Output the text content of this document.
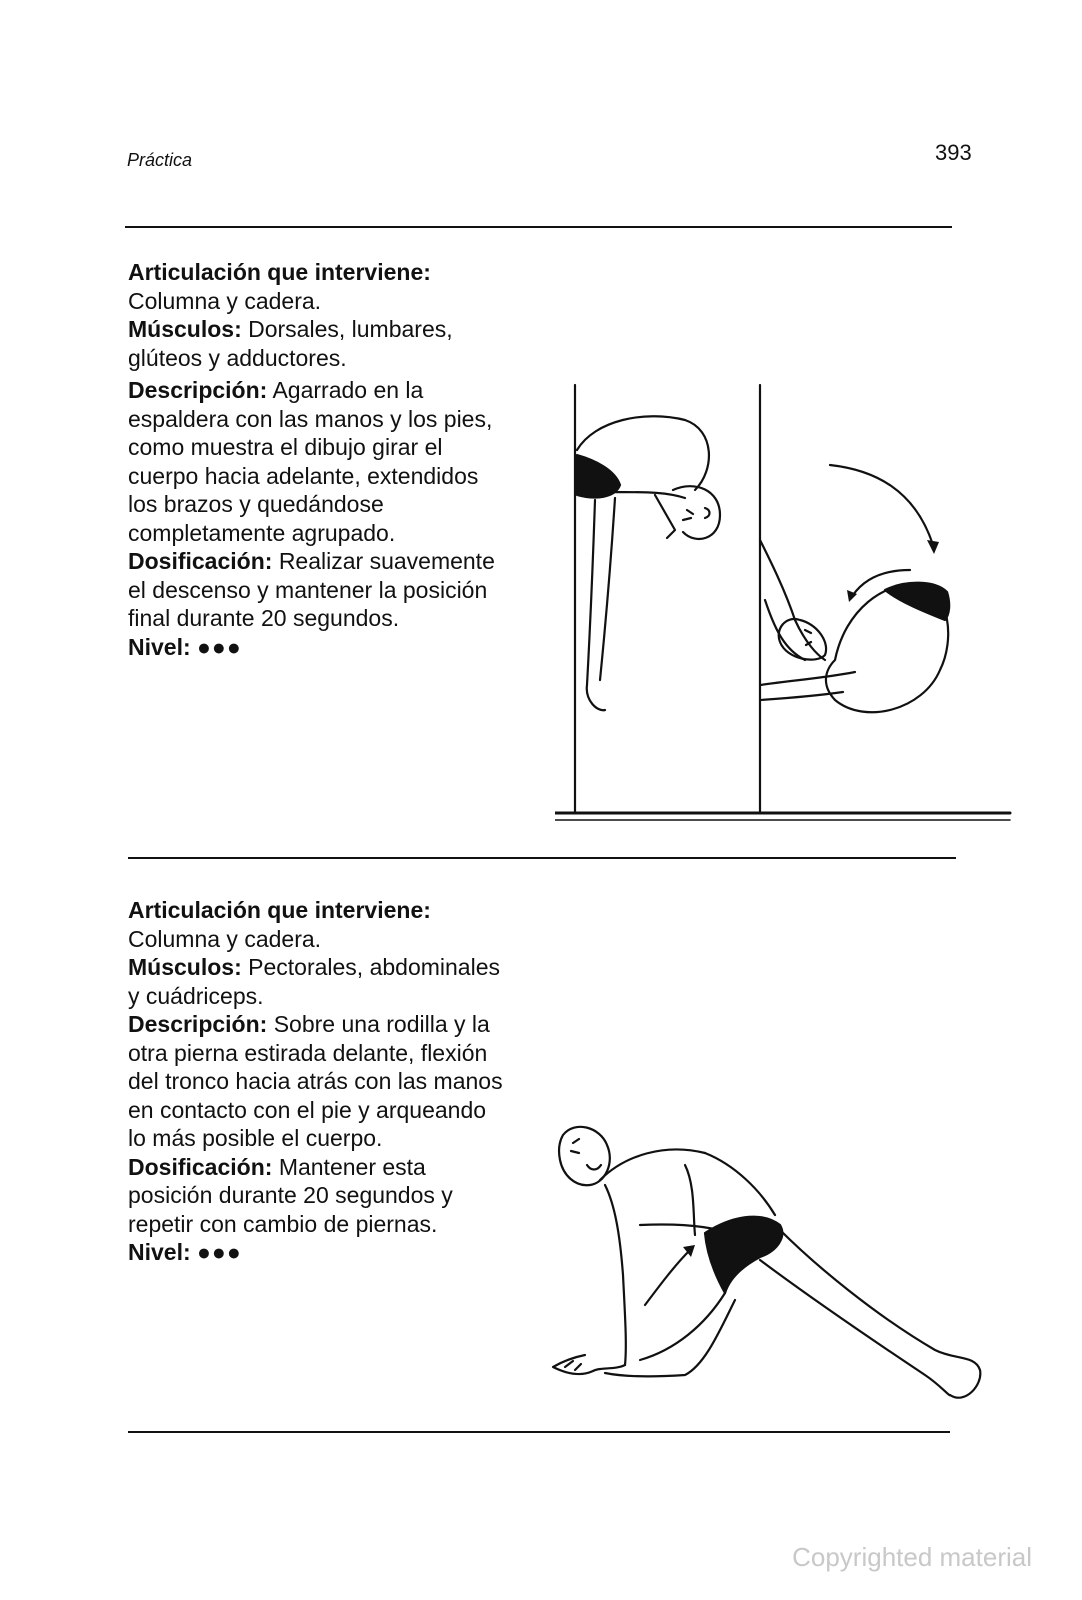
Práctica	393

Articulación que interviene:

Columna y cadera.

Músculos: Dorsales, lumbares,

glúteos y adductores.

Descripción: Agarrado en la

espaldera con las manos y los pies,

como muestra el dibujo girar el

cuerpo hacia adelante, extendidos

los brazos y quedándose

completamente agrupado.

Dosificación: Realizar suavemente

el descenso y mantener la posición

final durante 20 segundos.

Nivel: ●●●

Articulación que interviene:

Columna y cadera.

Músculos: Pectorales, abdominales

y cuádriceps.

Descripción: Sobre una rodilla y la

otra pierna estirada delante, flexión

del tronco hacia atrás con las manos

en contacto con el pie y arqueando

lo más posible el cuerpo.

Dosificación: Mantener esta

posición durante 20 segundos y

repetir con cambio de piernas.

Nivel: ●●●

Copyrighted material
